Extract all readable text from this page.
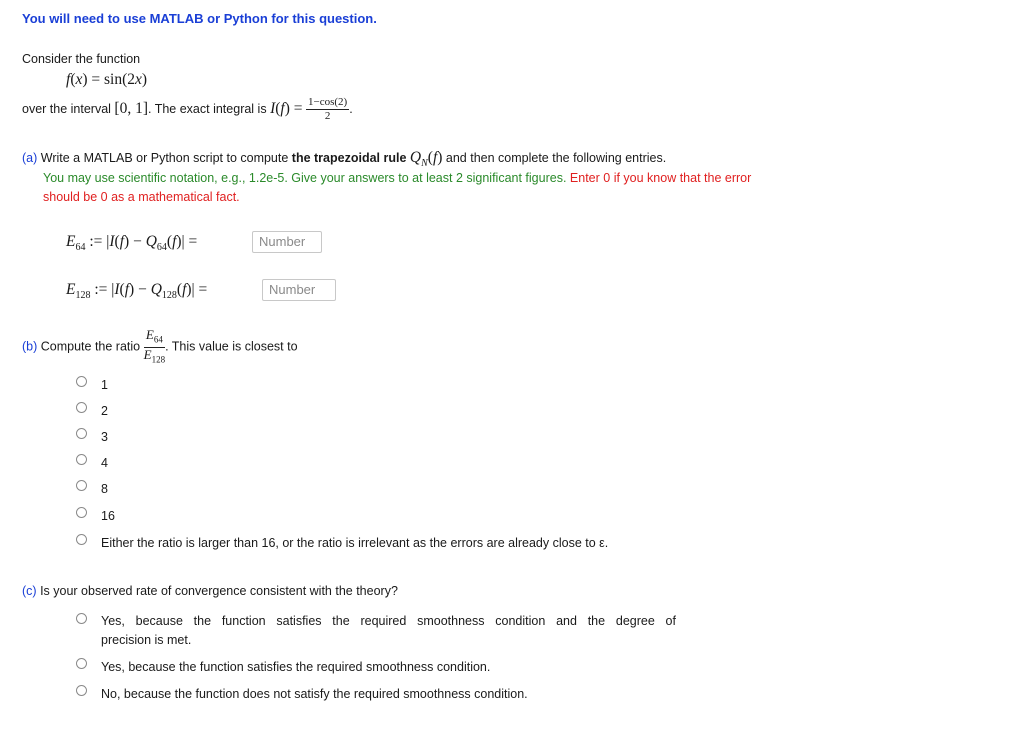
You will need to use MATLAB or Python for this question.
Consider the function
f(x) = sin(2x)
over the interval [0, 1]. The exact integral is $I(f) = \frac{1-\cos(2)}{2}$ .
(a) Write a MATLAB or Python script to compute the trapezoidal rule $Q_N(f)$ and then complete the following entries.
You may use scientific notation, e.g., 1.2e-5. Give your answers to at least 2 significant figures. Enter 0 if you know that the error
should be 0 as a mathematical fact.
$E_{64}$ := $|I(f) - Q_{64}(f)|$ =	Number
$E_{128}$ := $|I(f) - Q_{128}(f)|$ =	Number
(b) Compute the ratio $\frac{E_{64}}{E_{128}}$ . This value is closest to
1
2
3
4
8
16
Either the ratio is larger than 16, or the ratio is irrelevant as the errors are already close to ε.
(c) Is your observed rate of convergence consistent with the theory?
Yes, because the function satisfies the required smoothness condition and the degree of
precision is met.
Yes, because the function satisfies the required smoothness condition.
No, because the function does not satisfy the required smoothness condition.
